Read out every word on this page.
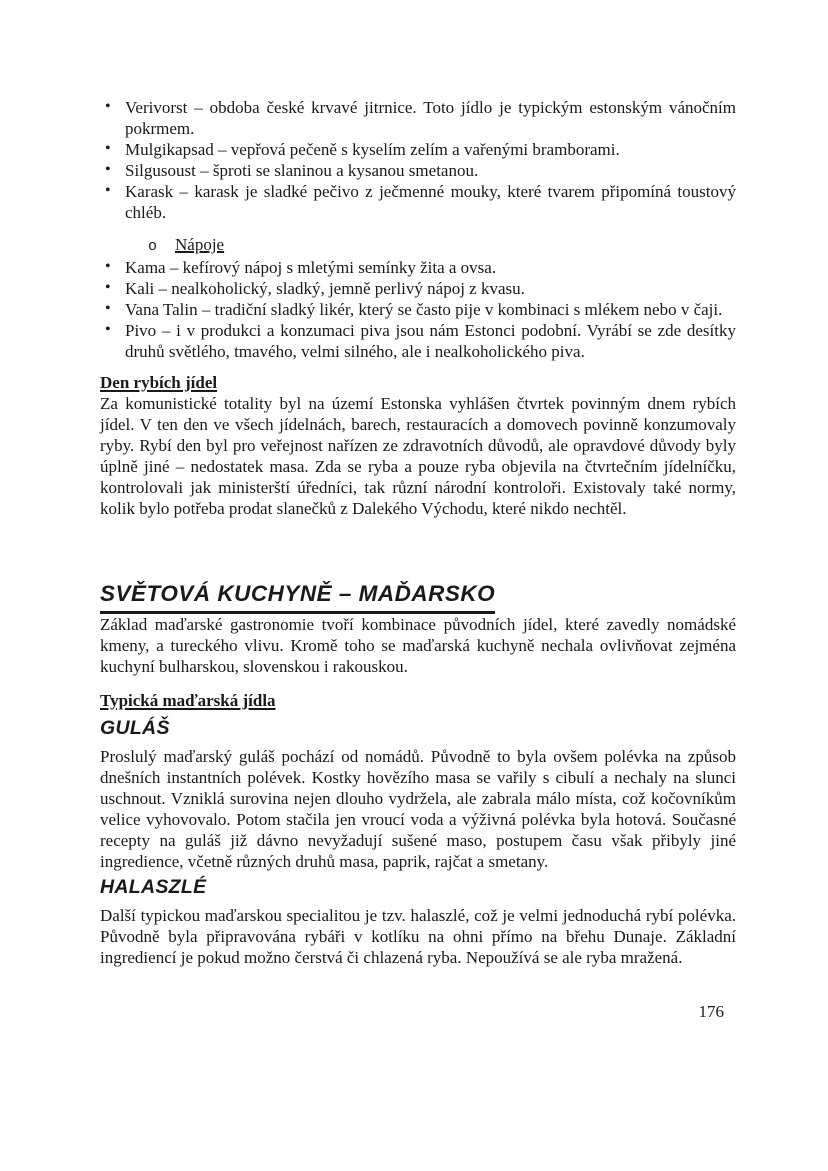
• Verivorst – obdoba české krvavé jitrnice. Toto jídlo je typickým estonským vánočním pokrmem.
• Mulgikapsad – vepřová pečeně s kyselím zelím a vařenými bramborami.
• Silgusoust – šproti se slaninou a kysanou smetanou.
• Karask – karask je sladké pečivo z ječmenné mouky, které tvarem připomíná toustový chléb.
o Nápoje
• Kama – kefírový nápoj s mletými semínky žita a ovsa.
• Kali – nealkoholický, sladký, jemně perlivý nápoj z kvasu.
• Vana Talin – tradiční sladký likér, který se často pije v kombinaci s mlékem nebo v čaji.
• Pivo – i v produkci a konzumaci piva jsou nám Estonci podobní. Vyrábí se zde desítky druhů světlého, tmavého, velmi silného, ale i nealkoholického piva.
Den rybích jídel

Za komunistické totality byl na území Estonska vyhlášen čtvrtek povinným dnem rybích jídel. V ten den ve všech jídelnách, barech, restauracích a domovech povinně konzumovaly ryby. Rybí den byl pro veřejnost nařízen ze zdravotních důvodů, ale opravdové důvody byly úplně jiné – nedostatek masa. Zda se ryba a pouze ryba objevila na čtvrtečním jídelníčku, kontrolovali jak ministerští úředníci, tak různí národní kontroloři. Existovaly také normy, kolik bylo potřeba prodat slanečků z Dalekého Východu, které nikdo nechtěl.

SVĚTOVÁ KUCHYNĚ – MAĎARSKO

Základ maďarské gastronomie tvoří kombinace původních jídel, které zavedly nomádské kmeny, a tureckého vlivu. Kromě toho se maďarská kuchyně nechala ovlivňovat zejména kuchyní bulharskou, slovenskou i rakouskou.

Typická maďarská jídla
GULÁŠ

Proslulý maďarský guláš pochází od nomádů. Původně to byla ovšem polévka na způsob dnešních instantních polévek. Kostky hovězího masa se vařily s cibulí a nechaly na slunci uschnout. Vzniklá surovina nejen dlouho vydržela, ale zabrala málo místa, což kočovníkům velice vyhovovalo. Potom stačila jen vroucí voda a výživná polévka byla hotová. Současné recepty na guláš již dávno nevyžadují sušené maso, postupem času však přibyly jiné ingredience, včetně různých druhů masa, paprik, rajčat a smetany.

HALASZLÉ

Další typickou maďarskou specialitou je tzv. halaszlé, což je velmi jednoduchá rybí polévka. Původně byla připravována rybáři v kotlíku na ohni přímo na břehu Dunaje. Základní ingrediencí je pokud možno čerstvá či chlazená ryba. Nepoužívá se ale ryba mražená.

176
